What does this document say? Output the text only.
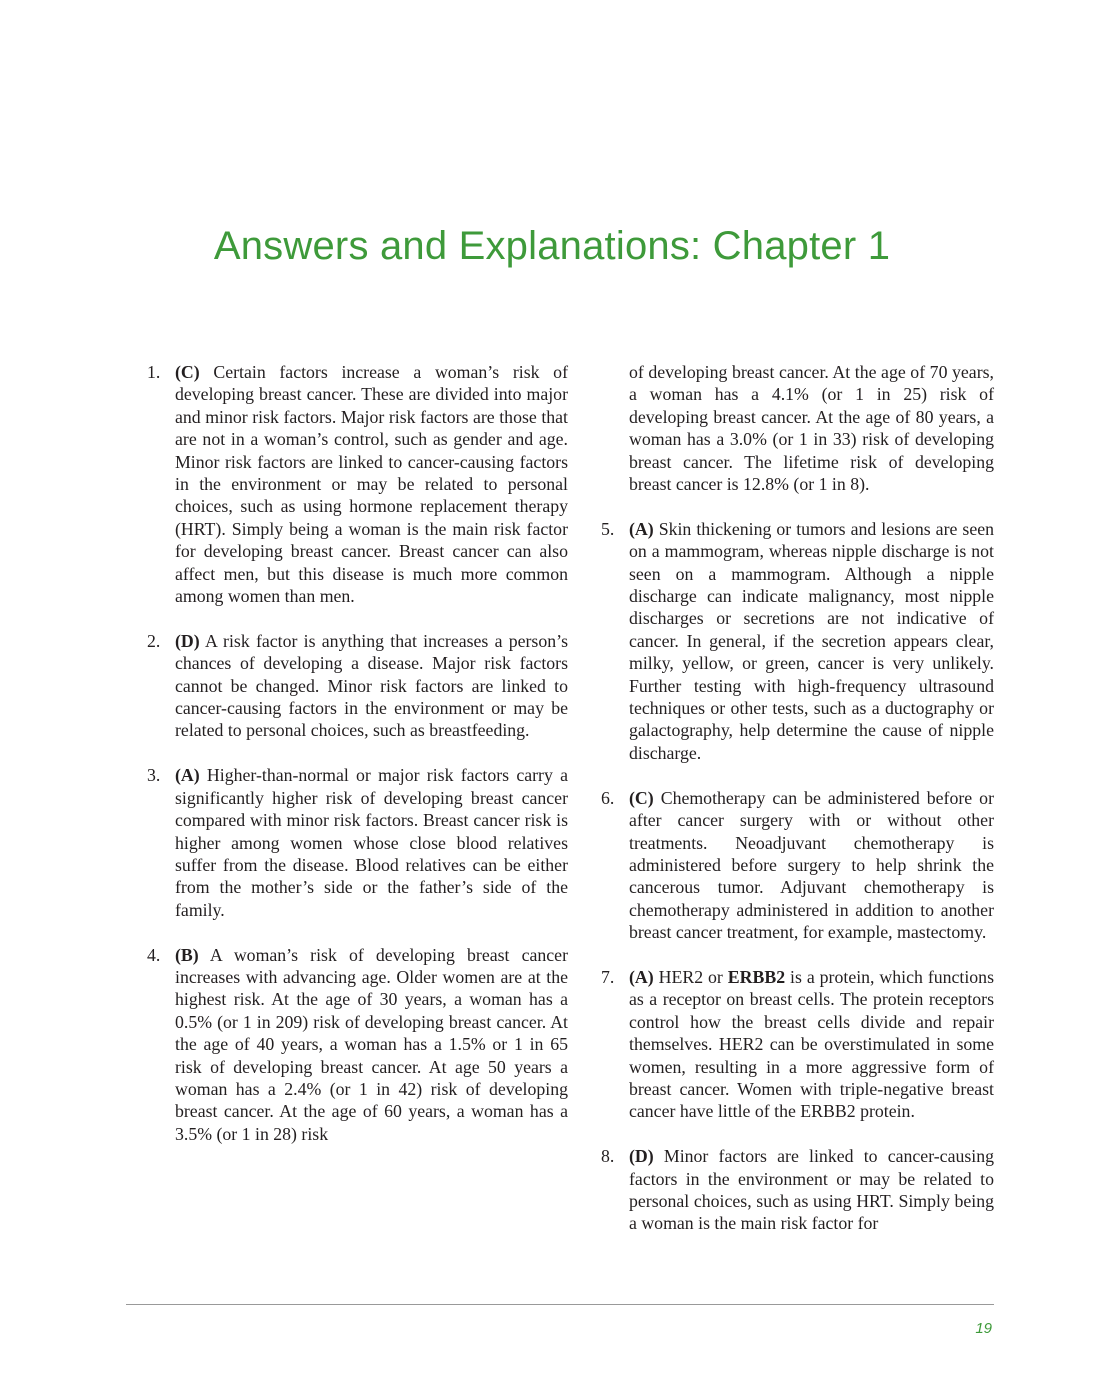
Answers and Explanations: Chapter 1
1. (C) Certain factors increase a woman’s risk of developing breast cancer. These are divided into major and minor risk factors. Major risk factors are those that are not in a woman’s control, such as gender and age. Minor risk factors are linked to cancer-causing factors in the environment or may be related to personal choices, such as using hormone replacement therapy (HRT). Simply being a woman is the main risk factor for developing breast cancer. Breast cancer can also affect men, but this disease is much more common among women than men.
2. (D) A risk factor is anything that increases a person’s chances of developing a disease. Major risk factors cannot be changed. Minor risk factors are linked to cancer-causing factors in the environment or may be related to personal choices, such as breastfeeding.
3. (A) Higher-than-normal or major risk factors carry a significantly higher risk of developing breast cancer compared with minor risk factors. Breast cancer risk is higher among women whose close blood relatives suffer from the disease. Blood relatives can be either from the mother’s side or the father’s side of the family.
4. (B) A woman’s risk of developing breast cancer increases with advancing age. Older women are at the highest risk. At the age of 30 years, a woman has a 0.5% (or 1 in 209) risk of developing breast cancer. At the age of 40 years, a woman has a 1.5% or 1 in 65 risk of developing breast cancer. At age 50 years a woman has a 2.4% (or 1 in 42) risk of developing breast cancer. At the age of 60 years, a woman has a 3.5% (or 1 in 28) risk
of developing breast cancer. At the age of 70 years, a woman has a 4.1% (or 1 in 25) risk of developing breast cancer. At the age of 80 years, a woman has a 3.0% (or 1 in 33) risk of developing breast cancer. The lifetime risk of developing breast cancer is 12.8% (or 1 in 8).
5. (A) Skin thickening or tumors and lesions are seen on a mammogram, whereas nipple discharge is not seen on a mammogram. Although a nipple discharge can indicate malignancy, most nipple discharges or secretions are not indicative of cancer. In general, if the secretion appears clear, milky, yellow, or green, cancer is very unlikely. Further testing with high-frequency ultrasound techniques or other tests, such as a ductography or galactography, help determine the cause of nipple discharge.
6. (C) Chemotherapy can be administered before or after cancer surgery with or without other treatments. Neoadjuvant chemotherapy is administered before surgery to help shrink the cancerous tumor. Adjuvant chemotherapy is chemotherapy administered in addition to another breast cancer treatment, for example, mastectomy.
7. (A) HER2 or ERBB2 is a protein, which functions as a receptor on breast cells. The protein receptors control how the breast cells divide and repair themselves. HER2 can be overstimulated in some women, resulting in a more aggressive form of breast cancer. Women with triple-negative breast cancer have little of the ERBB2 protein.
8. (D) Minor factors are linked to cancer-causing factors in the environment or may be related to personal choices, such as using HRT. Simply being a woman is the main risk factor for
19
